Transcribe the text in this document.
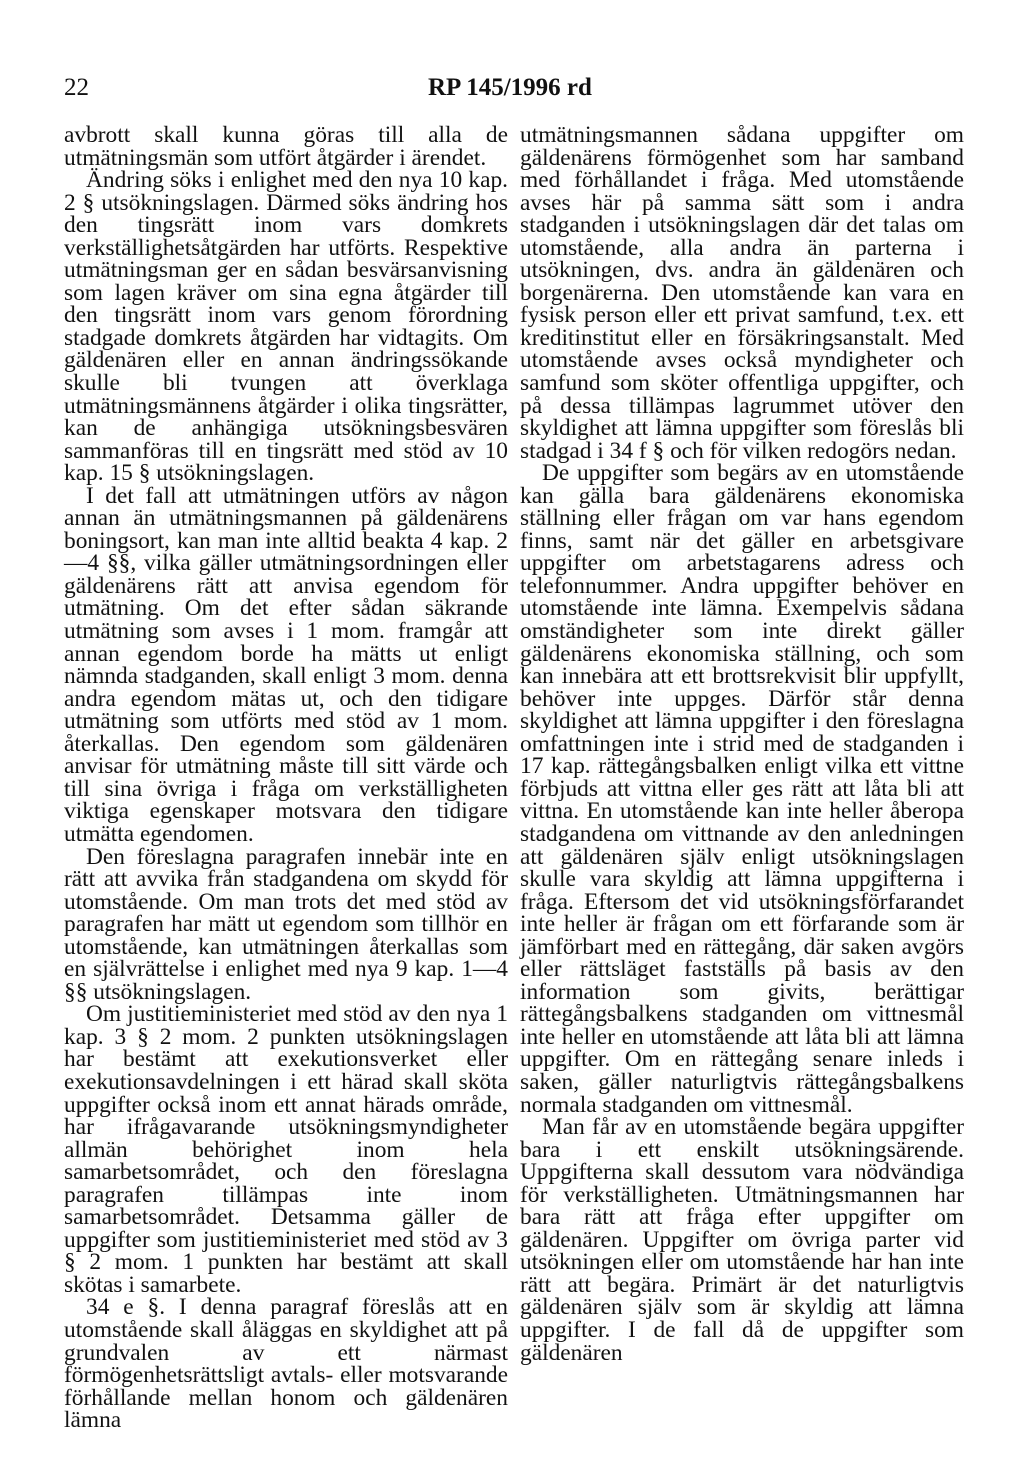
22	RP 145/1996 rd

avbrott skall kunna göras till alla de utmätningsmän som utfört åtgärder i ärendet.

Ändring söks i enlighet med den nya 10 kap. 2 § utsökningslagen. Därmed söks ändring hos den tingsrätt inom vars domkrets verkställighetsåtgärden har utförts. Respektive utmätningsman ger en sådan besvärsanvisning som lagen kräver om sina egna åtgärder till den tingsrätt inom vars genom förordning stadgade domkrets åtgärden har vidtagits. Om gäldenären eller en annan ändringssökande skulle bli tvungen att överklaga utmätningsmännens åtgärder i olika tingsrätter, kan de anhängiga utsökningsbesvären sammanföras till en tingsrätt med stöd av 10 kap. 15 § utsökningslagen.

I det fall att utmätningen utförs av någon annan än utmätningsmannen på gäldenärens boningsort, kan man inte alltid beakta 4 kap. 2—4 §§, vilka gäller utmätningsordningen eller gäldenärens rätt att anvisa egendom för utmätning. Om det efter sådan säkrande utmätning som avses i 1 mom. framgår att annan egendom borde ha mätts ut enligt nämnda stadganden, skall enligt 3 mom. denna andra egendom mätas ut, och den tidigare utmätning som utförts med stöd av 1 mom. återkallas. Den egendom som gäldenären anvisar för utmätning måste till sitt värde och till sina övriga i fråga om verkställigheten viktiga egenskaper motsvara den tidigare utmätta egendomen.

Den föreslagna paragrafen innebär inte en rätt att avvika från stadgandena om skydd för utomstående. Om man trots det med stöd av paragrafen har mätt ut egendom som tillhör en utomstående, kan utmätningen återkallas som en självrättelse i enlighet med nya 9 kap. 1—4 §§ utsökningslagen.

Om justitieministeriet med stöd av den nya 1 kap. 3 § 2 mom. 2 punkten utsökningslagen har bestämt att exekutionsverket eller exekutionsavdelningen i ett härad skall sköta uppgifter också inom ett annat härads område, har ifrågavarande utsökningsmyndigheter allmän behörighet inom hela samarbetsområdet, och den föreslagna paragrafen tillämpas inte inom samarbetsområdet. Detsamma gäller de uppgifter som justitieministeriet med stöd av 3 § 2 mom. 1 punkten har bestämt att skall skötas i samarbete.

34 e §. I denna paragraf föreslås att en utomstående skall åläggas en skyldighet att på grundvalen av ett närmast förmögenhetsrättsligt avtals- eller motsvarande förhållande mellan honom och gäldenären lämna

utmätningsmannen sådana uppgifter om gäldenärens förmögenhet som har samband med förhållandet i fråga. Med utomstående avses här på samma sätt som i andra stadganden i utsökningslagen där det talas om utomstående, alla andra än parterna i utsökningen, dvs. andra än gäldenären och borgenärerna. Den utomstående kan vara en fysisk person eller ett privat samfund, t.ex. ett kreditinstitut eller en försäkringsanstalt. Med utomstående avses också myndigheter och samfund som sköter offentliga uppgifter, och på dessa tillämpas lagrummet utöver den skyldighet att lämna uppgifter som föreslås bli stadgad i 34 f § och för vilken redogörs nedan.

De uppgifter som begärs av en utomstående kan gälla bara gäldenärens ekonomiska ställning eller frågan om var hans egendom finns, samt när det gäller en arbetsgivare uppgifter om arbetstagarens adress och telefonnummer. Andra uppgifter behöver en utomstående inte lämna. Exempelvis sådana omständigheter som inte direkt gäller gäldenärens ekonomiska ställning, och som kan innebära att ett brottsrekvisit blir uppfyllt, behöver inte uppges. Därför står denna skyldighet att lämna uppgifter i den föreslagna omfattningen inte i strid med de stadganden i 17 kap. rättegångsbalken enligt vilka ett vittne förbjuds att vittna eller ges rätt att låta bli att vittna. En utomstående kan inte heller åberopa stadgandena om vittnande av den anledningen att gäldenären själv enligt utsökningslagen skulle vara skyldig att lämna uppgifterna i fråga. Eftersom det vid utsökningsförfarandet inte heller är frågan om ett förfarande som är jämförbart med en rättegång, där saken avgörs eller rättsläget fastställs på basis av den information som givits, berättigar rättegångsbalkens stadganden om vittnesmål inte heller en utomstående att låta bli att lämna uppgifter. Om en rättegång senare inleds i saken, gäller naturligtvis rättegångsbalkens normala stadganden om vittnesmål.

Man får av en utomstående begära uppgifter bara i ett enskilt utsökningsärende. Uppgifterna skall dessutom vara nödvändiga för verkställigheten. Utmätningsmannen har bara rätt att fråga efter uppgifter om gäldenären. Uppgifter om övriga parter vid utsökningen eller om utomstående har han inte rätt att begära. Primärt är det naturligtvis gäldenären själv som är skyldig att lämna uppgifter. I de fall då de uppgifter som gäldenären
